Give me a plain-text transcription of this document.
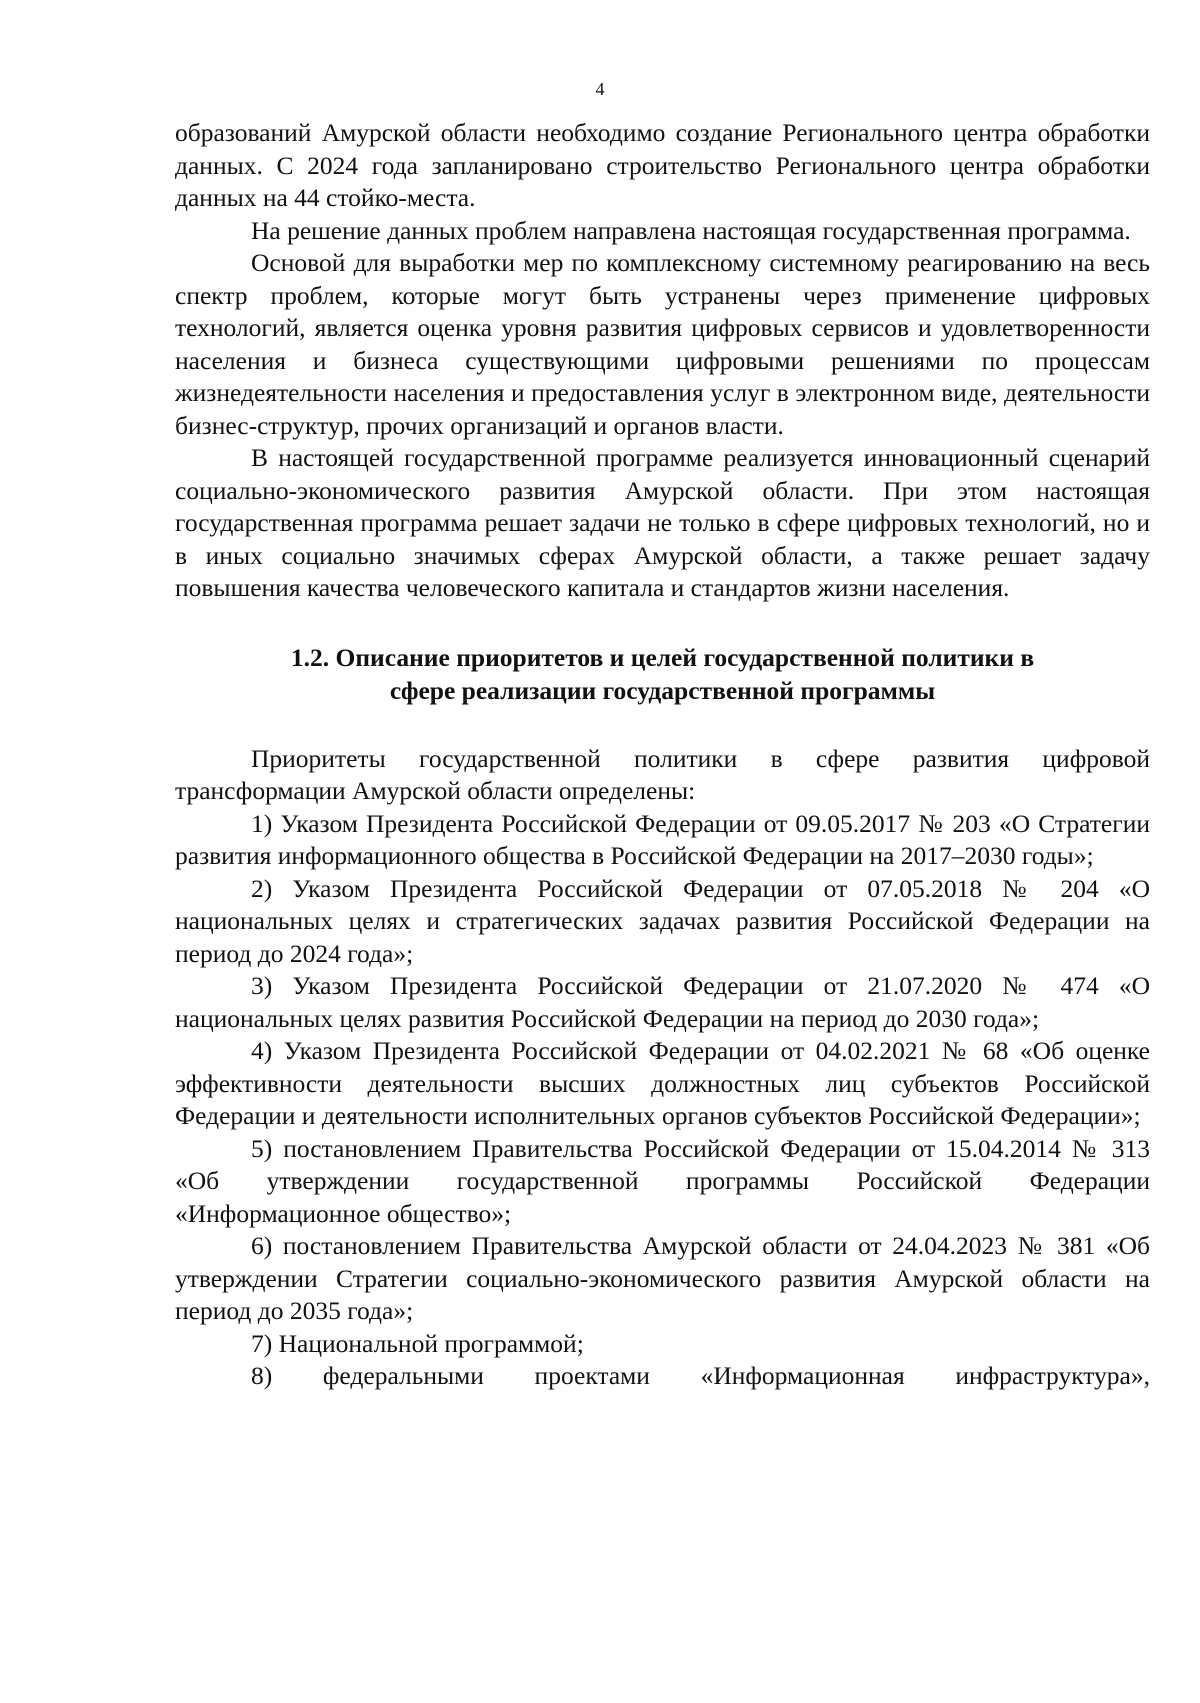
4

образований Амурской области необходимо создание Регионального центра обработки данных. С 2024 года запланировано строительство Регионального центра обработки данных на 44 стойко-места.

На решение данных проблем направлена настоящая государственная программа.

Основой для выработки мер по комплексному системному реагированию на весь спектр проблем, которые могут быть устранены через применение цифровых технологий, является оценка уровня развития цифровых сервисов и удовлетворенности населения и бизнеса существующими цифровыми решениями по процессам жизнедеятельности населения и предоставления услуг в электронном виде, деятельности бизнес-структур, прочих организаций и органов власти.

В настоящей государственной программе реализуется инновационный сценарий социально-экономического развития Амурской области. При этом настоящая государственная программа решает задачи не только в сфере цифровых технологий, но и в иных социально значимых сферах Амурской области, а также решает задачу повышения качества человеческого капитала и стандартов жизни населения.

1.2. Описание приоритетов и целей государственной политики в
сфере реализации государственной программы

Приоритеты государственной политики в сфере развития цифровой трансформации Амурской области определены:

1) Указом Президента Российской Федерации от 09.05.2017 № 203 «О Стратегии развития информационного общества в Российской Федерации на 2017–2030 годы»;

2) Указом Президента Российской Федерации от 07.05.2018 № 204 «О национальных целях и стратегических задачах развития Российской Федерации на период до 2024 года»;

3) Указом Президента Российской Федерации от 21.07.2020 № 474 «О национальных целях развития Российской Федерации на период до 2030 года»;

4) Указом Президента Российской Федерации от 04.02.2021 № 68 «Об оценке эффективности деятельности высших должностных лиц субъектов Российской Федерации и деятельности исполнительных органов субъектов Российской Федерации»;

5) постановлением Правительства Российской Федерации от 15.04.2014 № 313 «Об утверждении государственной программы Российской Федерации «Информационное общество»;

6) постановлением Правительства Амурской области от 24.04.2023 № 381 «Об утверждении Стратегии социально-экономического развития Амурской области на период до 2035 года»;

7) Национальной программой;

8) федеральными проектами «Информационная инфраструктура»,
